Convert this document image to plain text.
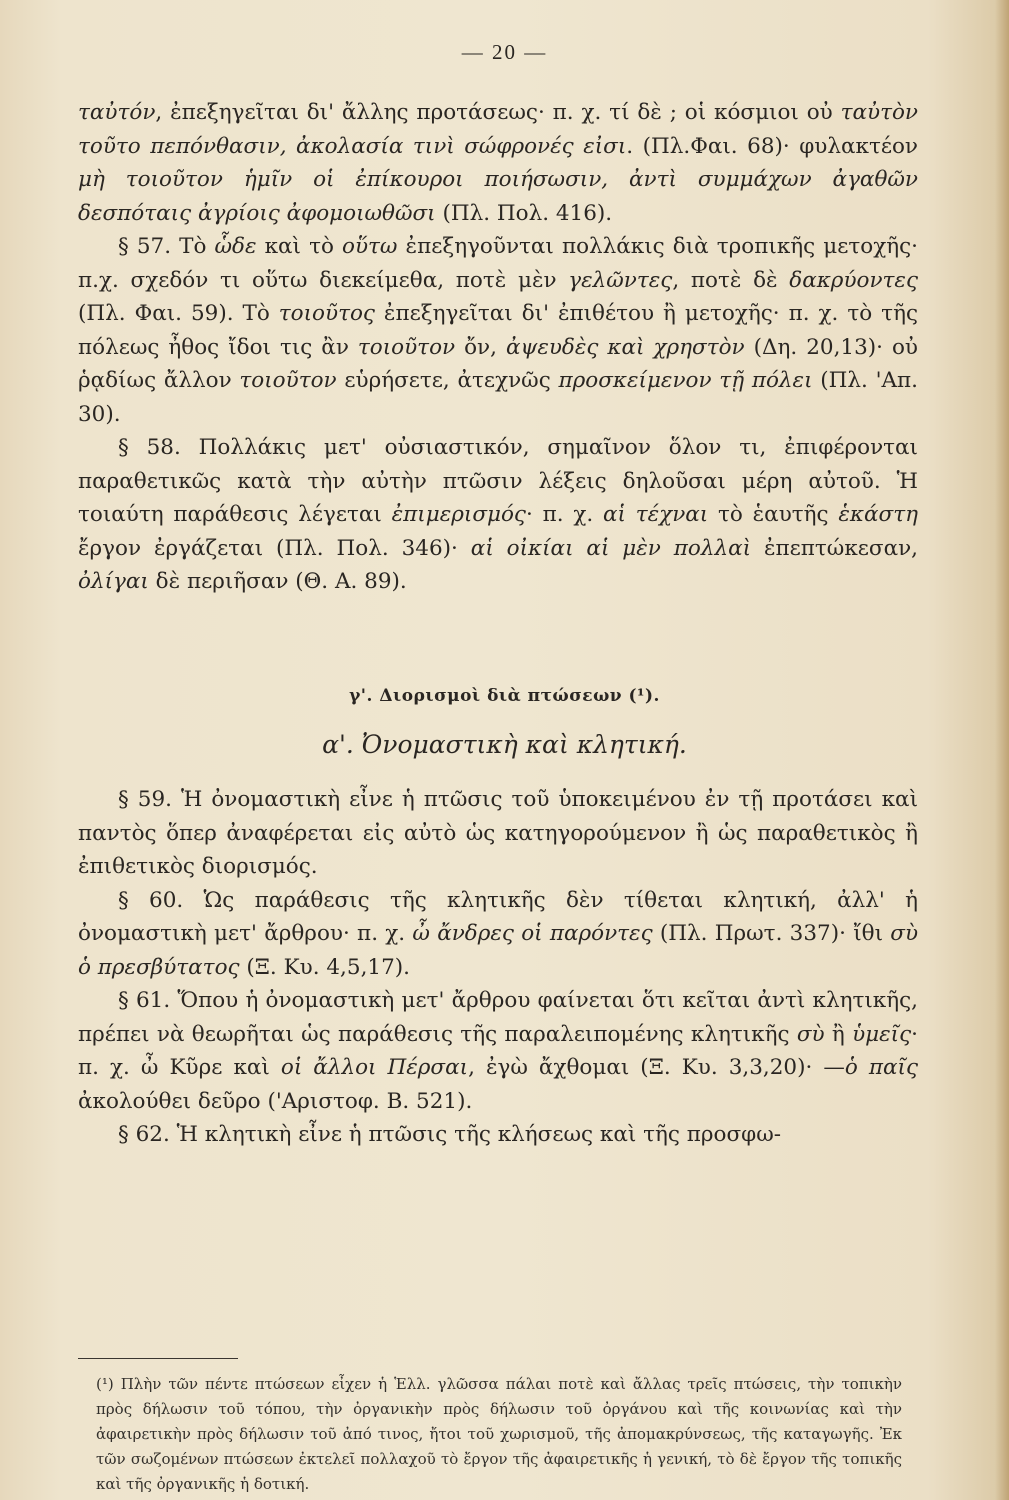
— 20 —

ταὐτόν, ἐπεξηγεῖται δι' ἄλλης προτάσεως· π. χ. τί δὲ ; οἱ κόσμιοι οὐ ταὐτὸν τοῦτο πεπόνθασιν, ἀκολασία τινὶ σώφρονές εἰσι. (Πλ.Φαι. 68)· φυλακτέον μὴ τοιοῦτον ἡμῖν οἱ ἐπίκουροι ποιήσωσιν, ἀντὶ συμμάχων ἀγαθῶν δεσπόταις ἀγρίοις ἀφομοιωθῶσι (Πλ. Πολ. 416).

§ 57. Τὸ ὧδε καὶ τὸ οὕτω ἐπεξηγοῦνται πολλάκις διὰ τροπικῆς μετοχῆς· π.χ. σχεδόν τι οὕτω διεκείμεθα, ποτὲ μὲν γελῶντες, ποτὲ δὲ δακρύοντες (Πλ. Φαι. 59). Τὸ τοιοῦτος ἐπεξηγεῖται δι' ἐπιθέτου ἢ μετοχῆς· π. χ. τὸ τῆς πόλεως ἦθος ἴδοι τις ἂν τοιοῦτον ὄν, ἀψευδὲς καὶ χρηστὸν (Δη. 20,13)· οὐ ῥᾳδίως ἄλλον τοιοῦτον εὑρήσετε, ἀτεχνῶς προσκείμενον τῇ πόλει (Πλ. 'Απ. 30).

§ 58. Πολλάκις μετ' οὐσιαστικόν, σημαῖνον ὅλον τι, ἐπιφέρονται παραθετικῶς κατὰ τὴν αὐτὴν πτῶσιν λέξεις δηλοῦσαι μέρη αὐτοῦ. Ἡ τοιαύτη παράθεσις λέγεται ἐπιμερισμός· π. χ. αἱ τέχναι τὸ ἑαυτῆς ἑκάστη ἔργον ἐργάζεται (Πλ. Πολ. 346)· αἱ οἰκίαι αἱ μὲν πολλαὶ ἐπεπτώκεσαν, ὀλίγαι δὲ περιῆσαν (Θ. Α. 89).

γ'. Διορισμοὶ διὰ πτώσεων (¹).
α'. Ὀνομαστικὴ καὶ κλητική.

§ 59. Ἡ ὀνομαστικὴ εἶνε ἡ πτῶσις τοῦ ὑποκειμένου ἐν τῇ προτάσει καὶ παντὸς ὅπερ ἀναφέρεται εἰς αὐτὸ ὡς κατηγορούμενον ἢ ὡς παραθετικὸς ἢ ἐπιθετικὸς διορισμός.

§ 60. Ὡς παράθεσις τῆς κλητικῆς δὲν τίθεται κλητική, ἀλλ' ἡ ὀνομαστικὴ μετ' ἄρθρου· π. χ. ὦ ἄνδρες οἱ παρόντες (Πλ. Πρωτ. 337)· ἴθι σὺ ὁ πρεσβύτατος (Ξ. Κυ. 4,5,17).

§ 61. Ὅπου ἡ ὀνομαστικὴ μετ' ἄρθρου φαίνεται ὅτι κεῖται ἀντὶ κλητικῆς, πρέπει νὰ θεωρῆται ὡς παράθεσις τῆς παραλειπομένης κλητικῆς σὺ ἢ ὑμεῖς· π. χ. ὦ Κῦρε καὶ οἱ ἄλλοι Πέρσαι, ἐγὼ ἄχθομαι (Ξ. Κυ. 3,3,20)· —ὁ παῖς ἀκολούθει δεῦρο ('Αριστοφ. Β. 521).

§ 62. Ἡ κλητικὴ εἶνε ἡ πτῶσις τῆς κλήσεως καὶ τῆς προσφω-

(¹) Πλὴν τῶν πέντε πτώσεων εἶχεν ἡ Ἑλλ. γλῶσσα πάλαι ποτὲ καὶ ἄλλας τρεῖς πτώσεις, τὴν τοπικὴν πρὸς δήλωσιν τοῦ τόπου, τὴν ὀργανικὴν πρὸς δήλωσιν τοῦ ὀργάνου καὶ τῆς κοινωνίας καὶ τὴν ἀφαιρετικὴν πρὸς δήλωσιν τοῦ ἀπό τινος, ἤτοι τοῦ χωρισμοῦ, τῆς ἀπομακρύνσεως, τῆς καταγωγῆς. Ἐκ τῶν σωζομένων πτώσεων ἐκτελεῖ πολλαχοῦ τὸ ἔργον τῆς ἀφαιρετικῆς ἡ γενική, τὸ δὲ ἔργον τῆς τοπικῆς καὶ τῆς ὀργανικῆς ἡ δοτική.
